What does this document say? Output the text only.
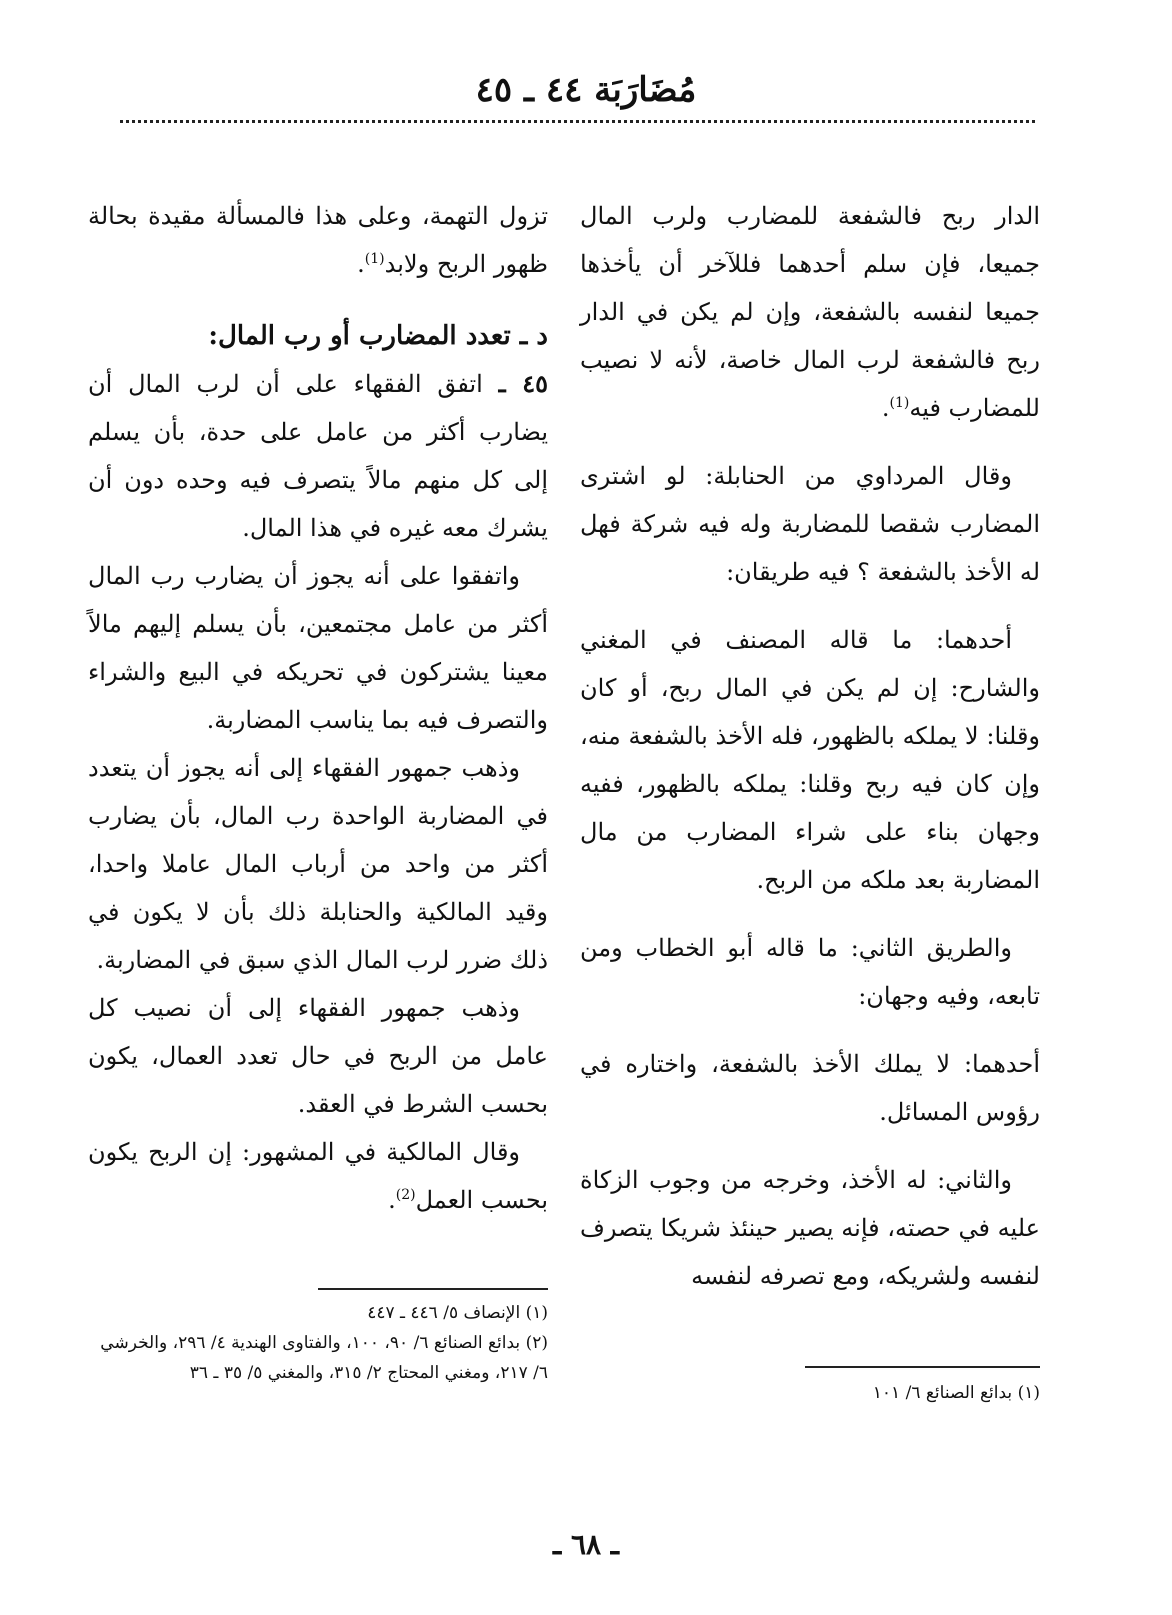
مُضَارَبَة ٤٤ ـ ٤٥

الدار ربح فالشفعة للمضارب ولرب المال جميعا، فإن سلم أحدهما فللآخر أن يأخذها جميعا لنفسه بالشفعة، وإن لم يكن في الدار ربح فالشفعة لرب المال خاصة، لأنه لا نصيب للمضارب فيه$^{(1)}$.

وقال المرداوي من الحنابلة: لو اشترى المضارب شقصا للمضاربة وله فيه شركة فهل له الأخذ بالشفعة ؟ فيه طريقان:

أحدهما: ما قاله المصنف في المغني والشارح: إن لم يكن في المال ربح، أو كان وقلنا: لا يملكه بالظهور، فله الأخذ بالشفعة منه، وإن كان فيه ربح وقلنا: يملكه بالظهور، ففيه وجهان بناء على شراء المضارب من مال المضاربة بعد ملكه من الربح.

والطريق الثاني: ما قاله أبو الخطاب ومن تابعه، وفيه وجهان:

أحدهما: لا يملك الأخذ بالشفعة، واختاره في رؤوس المسائل.

والثاني: له الأخذ، وخرجه من وجوب الزكاة عليه في حصته، فإنه يصير حينئذ شريكا يتصرف لنفسه ولشريكه، ومع تصرفه لنفسه

تزول التهمة، وعلى هذا فالمسألة مقيدة بحالة ظهور الربح ولابد$^{(1)}$.

د ـ تعدد المضارب أو رب المال:

٤٥ ـ اتفق الفقهاء على أن لرب المال أن يضارب أكثر من عامل على حدة، بأن يسلم إلى كل منهم مالاً يتصرف فيه وحده دون أن يشرك معه غيره في هذا المال.

واتفقوا على أنه يجوز أن يضارب رب المال أكثر من عامل مجتمعين، بأن يسلم إليهم مالاً معينا يشتركون في تحريكه في البيع والشراء والتصرف فيه بما يناسب المضاربة.

وذهب جمهور الفقهاء إلى أنه يجوز أن يتعدد في المضاربة الواحدة رب المال، بأن يضارب أكثر من واحد من أرباب المال عاملا واحدا، وقيد المالكية والحنابلة ذلك بأن لا يكون في ذلك ضرر لرب المال الذي سبق في المضاربة.

وذهب جمهور الفقهاء إلى أن نصيب كل عامل من الربح في حال تعدد العمال، يكون بحسب الشرط في العقد.

وقال المالكية في المشهور: إن الربح يكون بحسب العمل$^{(2)}$.

(١) بدائع الصنائع ٦/ ١٠١

(١) الإنصاف ٥/ ٤٤٦ ـ ٤٤٧

(٢) بدائع الصنائع ٦/ ٩٠، ١٠٠، والفتاوى الهندية ٤/ ٢٩٦، والخرشي ٦/ ٢١٧، ومغني المحتاج ٢/ ٣١٥، والمغني ٥/ ٣٥ ـ ٣٦

ـ ٦٨ ـ
